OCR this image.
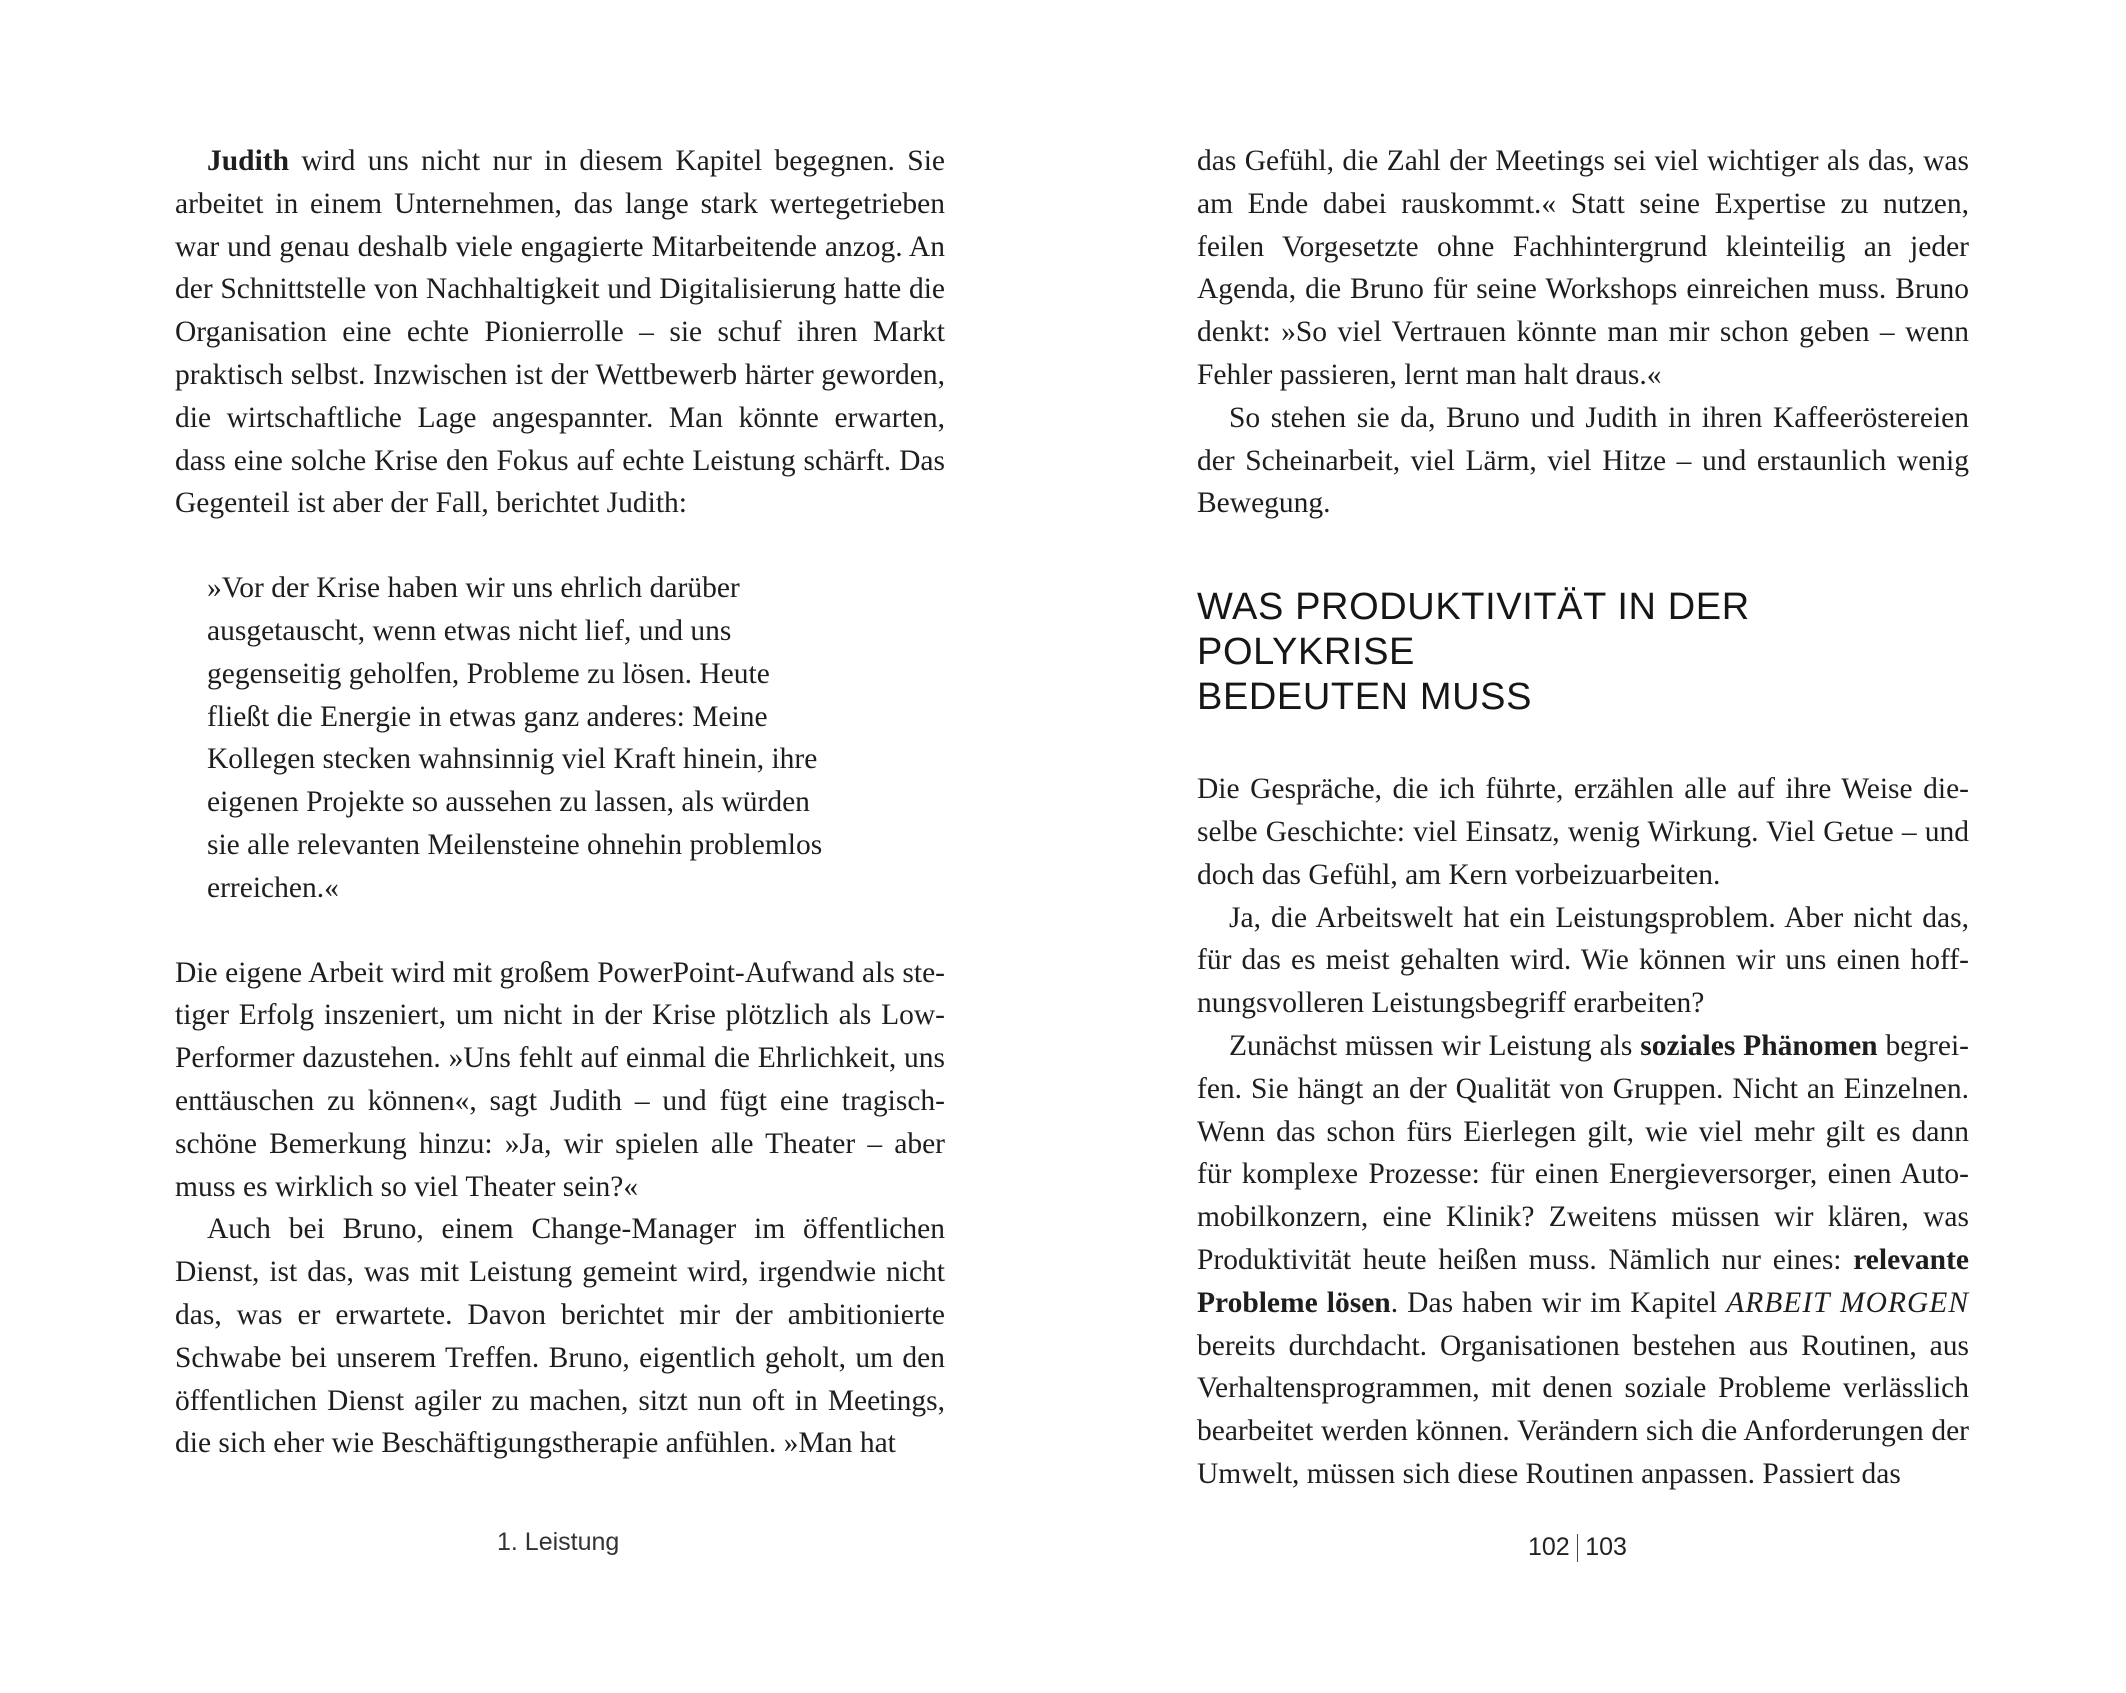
Judith wird uns nicht nur in diesem Kapitel begegnen. Sie arbeitet in einem Unternehmen, das lange stark wertegetrieben war und genau deshalb viele engagierte Mitarbeitende anzog. An der Schnittstelle von Nachhaltigkeit und Digitalisierung hatte die Organisation eine echte Pionierrolle – sie schuf ihren Markt praktisch selbst. Inzwischen ist der Wettbewerb härter geworden, die wirtschaftliche Lage angespannter. Man könnte erwarten, dass eine solche Krise den Fokus auf echte Leistung schärft. Das Gegenteil ist aber der Fall, berichtet Judith:

»Vor der Krise haben wir uns ehrlich darüber
ausgetauscht, wenn etwas nicht lief, und uns
gegenseitig geholfen, Probleme zu lösen. Heute
fließt die Energie in etwas ganz anderes: Meine
Kollegen stecken wahnsinnig viel Kraft hinein, ihre
eigenen Projekte so aussehen zu lassen, als würden
sie alle relevanten Meilensteine ohnehin problemlos
erreichen.«

Die eigene Arbeit wird mit großem PowerPoint-Aufwand als stetiger Erfolg inszeniert, um nicht in der Krise plötzlich als Low-Performer dazustehen. »Uns fehlt auf einmal die Ehrlichkeit, uns enttäuschen zu können«, sagt Judith – und fügt eine tragisch-schöne Bemerkung hinzu: »Ja, wir spielen alle Theater – aber muss es wirklich so viel Theater sein?«

Auch bei Bruno, einem Change-Manager im öffentlichen Dienst, ist das, was mit Leistung gemeint wird, irgendwie nicht das, was er erwartete. Davon berichtet mir der ambitionierte Schwabe bei unserem Treffen. Bruno, eigentlich geholt, um den öffentlichen Dienst agiler zu machen, sitzt nun oft in Meetings, die sich eher wie Beschäftigungstherapie anfühlen. »Man hat

1. Leistung

das Gefühl, die Zahl der Meetings sei viel wichtiger als das, was am Ende dabei rauskommt.« Statt seine Expertise zu nutzen, feilen Vorgesetzte ohne Fachhintergrund kleinteilig an jeder Agenda, die Bruno für seine Workshops einreichen muss. Bruno denkt: »So viel Vertrauen könnte man mir schon geben – wenn Fehler passieren, lernt man halt draus.«

So stehen sie da, Bruno und Judith in ihren Kaffeeröstereien der Scheinarbeit, viel Lärm, viel Hitze – und erstaunlich wenig Bewegung.

WAS PRODUKTIVITÄT IN DER POLYKRISE
BEDEUTEN MUSS

Die Gespräche, die ich führte, erzählen alle auf ihre Weise dieselbe Geschichte: viel Einsatz, wenig Wirkung. Viel Getue – und doch das Gefühl, am Kern vorbeizuarbeiten.

Ja, die Arbeitswelt hat ein Leistungsproblem. Aber nicht das, für das es meist gehalten wird. Wie können wir uns einen hoffnungsvolleren Leistungsbegriff erarbeiten?

Zunächst müssen wir Leistung als soziales Phänomen begreifen. Sie hängt an der Qualität von Gruppen. Nicht an Einzelnen. Wenn das schon fürs Eierlegen gilt, wie viel mehr gilt es dann für komplexe Prozesse: für einen Energieversorger, einen Automobilkonzern, eine Klinik? Zweitens müssen wir klären, was Produktivität heute heißen muss. Nämlich nur eines: relevante Probleme lösen. Das haben wir im Kapitel ARBEIT MORGEN bereits durchdacht. Organisationen bestehen aus Routinen, aus Verhaltensprogrammen, mit denen soziale Probleme verlässlich bearbeitet werden können. Verändern sich die Anforderungen der Umwelt, müssen sich diese Routinen anpassen. Passiert das

102 103
